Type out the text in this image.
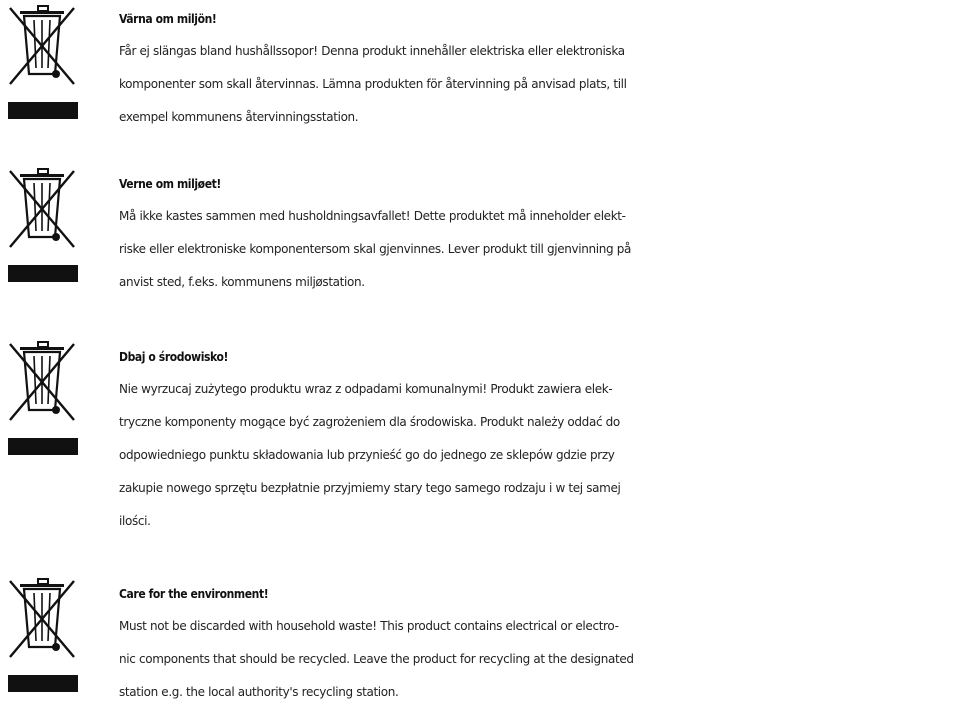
Värna om miljön!
Får ej slängas bland hushållssopor! Denna produkt innehåller elektriska eller elektroniska
komponenter som skall återvinnas. Lämna produkten för återvinning på anvisad plats, till
exempel kommunens återvinningsstation.
Verne om miljøet!
Må ikke kastes sammen med husholdningsavfallet! Dette produktet må inneholder elekt-
riske eller elektroniske komponentersom skal gjenvinnes. Lever produkt till gjenvinning på
anvist sted, f.eks. kommunens miljøstation.
Dbaj o środowisko!
Nie wyrzucaj zużytego produktu wraz z odpadami komunalnymi! Produkt zawiera elek-
tryczne komponenty mogące być zagrożeniem dla środowiska. Produkt należy oddać do
odpowiedniego punktu składowania lub przynieść go do jednego ze sklepów gdzie przy
zakupie nowego sprzętu bezpłatnie przyjmiemy stary tego samego rodzaju i w tej samej
ilości.
Care for the environment!
Must not be discarded with household waste! This product contains electrical or electro-
nic components that should be recycled. Leave the product for recycling at the designated
station e.g. the local authority's recycling station.
